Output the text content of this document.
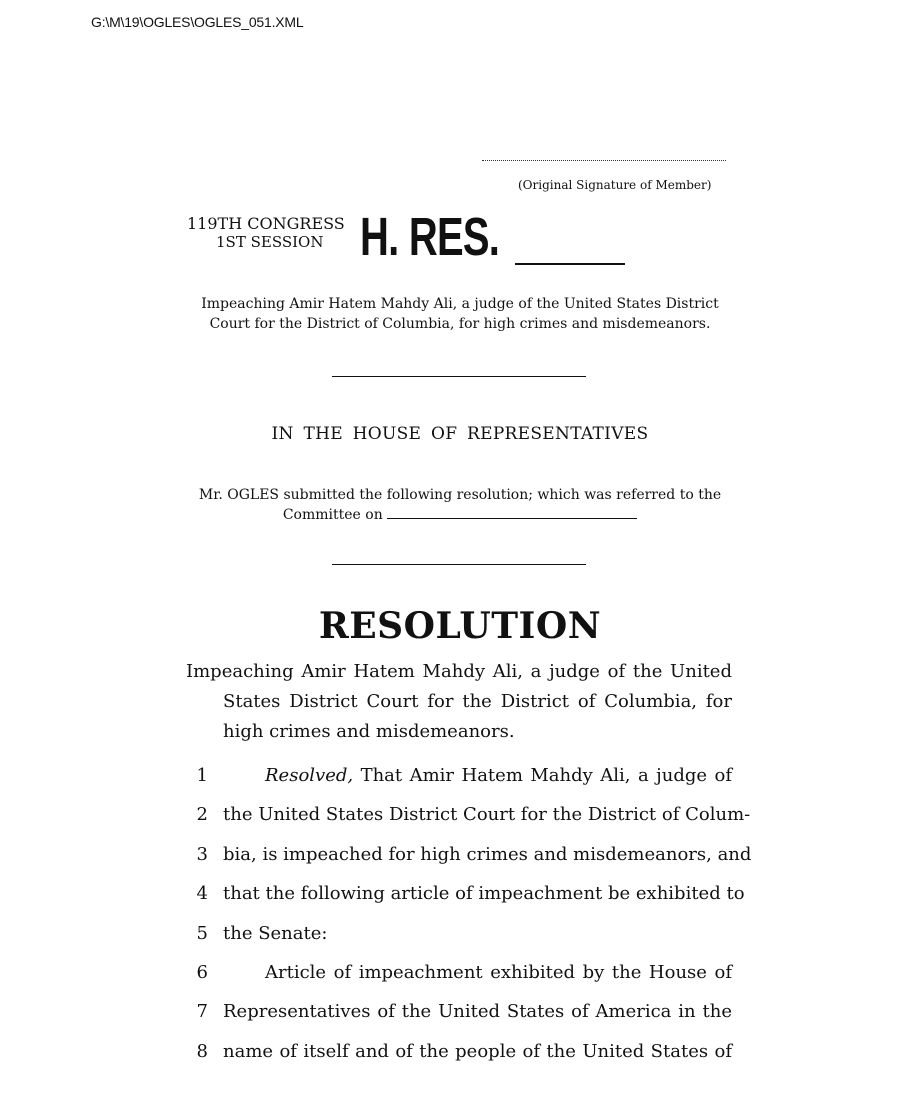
G:\M\19\OGLES\OGLES_051.XML
(Original Signature of Member)
119TH CONGRESS
1ST SESSION H. RES.
Impeaching Amir Hatem Mahdy Ali, a judge of the United States District Court for the District of Columbia, for high crimes and misdemeanors.
IN THE HOUSE OF REPRESENTATIVES
Mr. OGLES submitted the following resolution; which was referred to the Committee on
RESOLUTION
Impeaching Amir Hatem Mahdy Ali, a judge of the United
States District Court for the District of Columbia, for
high crimes and misdemeanors.
1	Resolved, That Amir Hatem Mahdy Ali, a judge of
2 the United States District Court for the District of Colum-
3 bia, is impeached for high crimes and misdemeanors, and
4 that the following article of impeachment be exhibited to
5 the Senate:
6	Article of impeachment exhibited by the House of
7 Representatives of the United States of America in the
8 name of itself and of the people of the United States of
